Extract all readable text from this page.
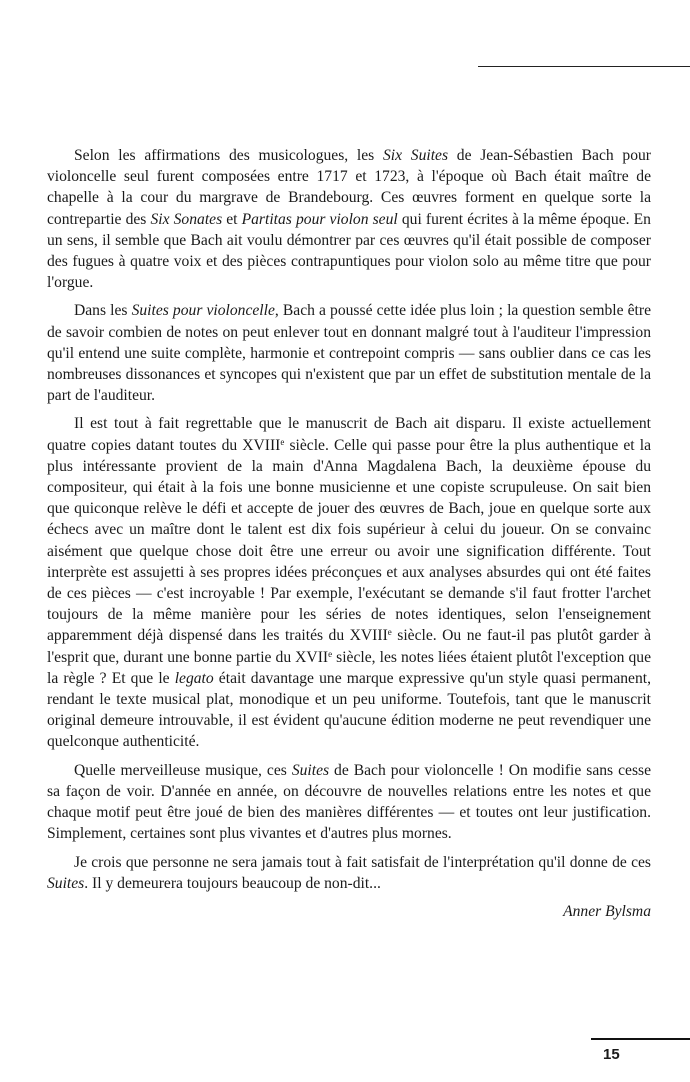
Selon les affirmations des musicologues, les Six Suites de Jean-Sébastien Bach pour violoncelle seul furent composées entre 1717 et 1723, à l'époque où Bach était maître de chapelle à la cour du margrave de Brandebourg. Ces œuvres forment en quelque sorte la contrepartie des Six Sonates et Partitas pour violon seul qui furent écrites à la même époque. En un sens, il semble que Bach ait voulu démontrer par ces œuvres qu'il était possible de composer des fugues à quatre voix et des pièces contrapuntiques pour violon solo au même titre que pour l'orgue.

Dans les Suites pour violoncelle, Bach a poussé cette idée plus loin ; la question semble être de savoir combien de notes on peut enlever tout en donnant malgré tout à l'auditeur l'impression qu'il entend une suite complète, harmonie et contrepoint compris — sans oublier dans ce cas les nombreuses dissonances et syncopes qui n'existent que par un effet de substitution mentale de la part de l'auditeur.

Il est tout à fait regrettable que le manuscrit de Bach ait disparu. Il existe actuellement quatre copies datant toutes du XVIIIe siècle. Celle qui passe pour être la plus authentique et la plus intéressante provient de la main d'Anna Magdalena Bach, la deuxième épouse du compositeur, qui était à la fois une bonne musicienne et une copiste scrupuleuse. On sait bien que quiconque relève le défi et accepte de jouer des œuvres de Bach, joue en quelque sorte aux échecs avec un maître dont le talent est dix fois supérieur à celui du joueur. On se convainc aisément que quelque chose doit être une erreur ou avoir une signification différente. Tout interprète est assujetti à ses propres idées préconçues et aux analyses absurdes qui ont été faites de ces pièces — c'est incroyable ! Par exemple, l'exécutant se demande s'il faut frotter l'archet toujours de la même manière pour les séries de notes identiques, selon l'enseignement apparemment déjà dispensé dans les traités du XVIIIe siècle. Ou ne faut-il pas plutôt garder à l'esprit que, durant une bonne partie du XVIIe siècle, les notes liées étaient plutôt l'exception que la règle ? Et que le legato était davantage une marque expressive qu'un style quasi permanent, rendant le texte musical plat, monodique et un peu uniforme. Toutefois, tant que le manuscrit original demeure introuvable, il est évident qu'aucune édition moderne ne peut revendiquer une quelconque authenticité.

Quelle merveilleuse musique, ces Suites de Bach pour violoncelle ! On modifie sans cesse sa façon de voir. D'année en année, on découvre de nouvelles relations entre les notes et que chaque motif peut être joué de bien des manières différentes — et toutes ont leur justification. Simplement, certaines sont plus vivantes et d'autres plus mornes.

Je crois que personne ne sera jamais tout à fait satisfait de l'interprétation qu'il donne de ces Suites. Il y demeurera toujours beaucoup de non-dit...

Anner Bylsma
15
